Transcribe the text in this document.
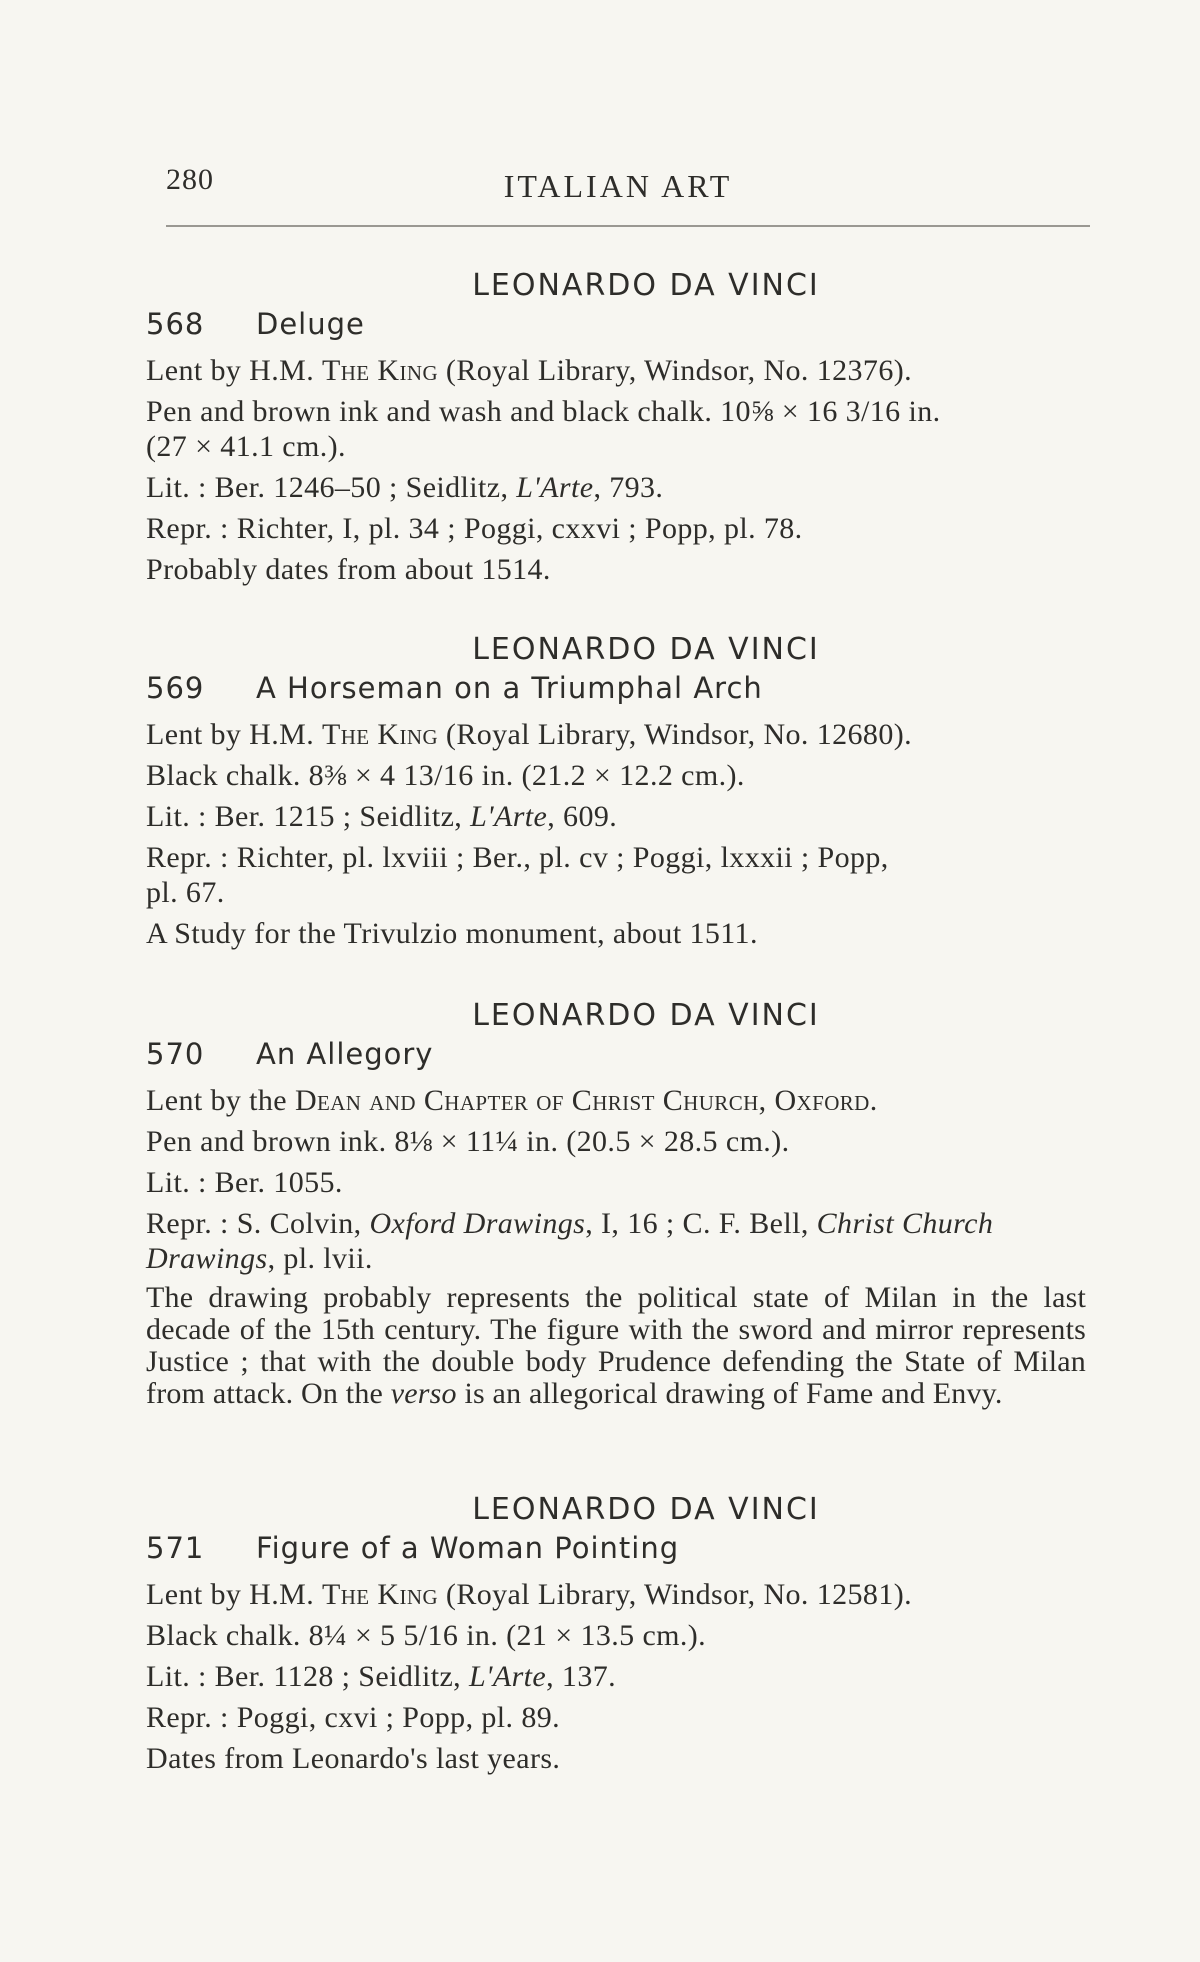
280	ITALIAN ART
LEONARDO DA VINCI
568 Deluge
Lent by H.M. The King (Royal Library, Windsor, No. 12376).
Pen and brown ink and wash and black chalk. 10⅝ × 16 3/16 in.
(27 × 41.1 cm.).
Lit. : Ber. 1246–50 ; Seidlitz, L'Arte, 793.
Repr. : Richter, I, pl. 34 ; Poggi, cxxvi ; Popp, pl. 78.
Probably dates from about 1514.
LEONARDO DA VINCI
569 A Horseman on a Triumphal Arch
Lent by H.M. The King (Royal Library, Windsor, No. 12680).
Black chalk. 8⅜ × 4 13/16 in. (21.2 × 12.2 cm.).
Lit. : Ber. 1215 ; Seidlitz, L'Arte, 609.
Repr. : Richter, pl. lxviii ; Ber., pl. cv ; Poggi, lxxxii ; Popp,
pl. 67.
A Study for the Trivulzio monument, about 1511.
LEONARDO DA VINCI
570 An Allegory
Lent by the Dean and Chapter of Christ Church, Oxford.
Pen and brown ink. 8⅛ × 11¼ in. (20.5 × 28.5 cm.).
Lit. : Ber. 1055.
Repr. : S. Colvin, Oxford Drawings, I, 16 ; C. F. Bell, Christ Church Drawings, pl. lvii.
The drawing probably represents the political state of Milan in the last decade of the 15th century. The figure with the sword and mirror represents Justice ; that with the double body Prudence defending the State of Milan from attack. On the verso is an allegorical drawing of Fame and Envy.
LEONARDO DA VINCI
571 Figure of a Woman Pointing
Lent by H.M. The King (Royal Library, Windsor, No. 12581).
Black chalk. 8¼ × 5 5/16 in. (21 × 13.5 cm.).
Lit. : Ber. 1128 ; Seidlitz, L'Arte, 137.
Repr. : Poggi, cxvi ; Popp, pl. 89.
Dates from Leonardo's last years.
